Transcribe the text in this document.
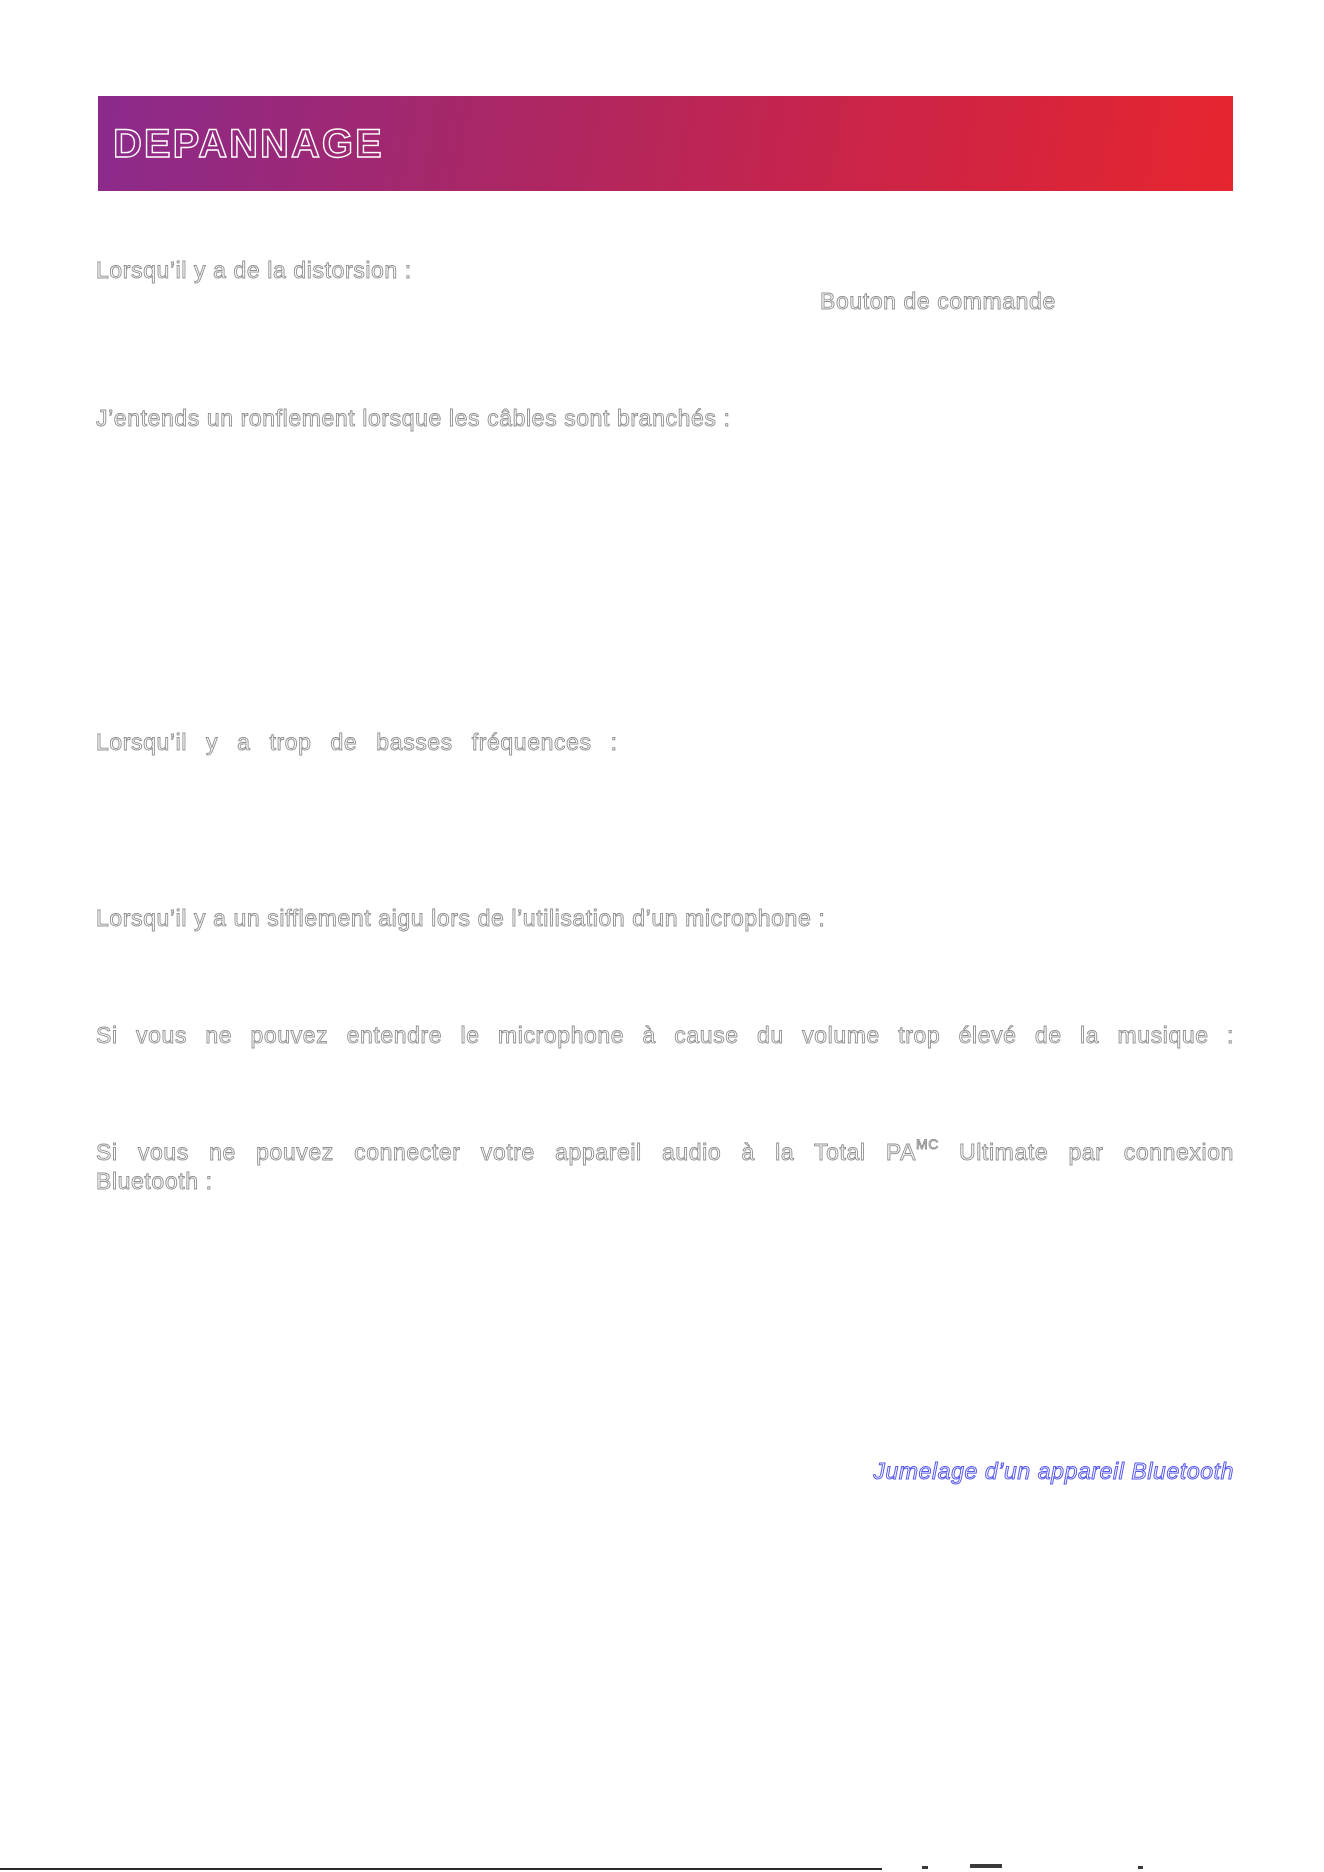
DEPANNAGE
Lorsqu’il y a de la distorsion :
Bouton de commande
J’entends un ronflement lorsque les câbles sont branchés :
Lorsqu’il y a trop de basses fréquences :
Lorsqu’il y a un sifflement aigu lors de l’utilisation d’un microphone :
Si vous ne pouvez entendre le microphone à cause du volume trop élevé de la musique :
Si vous ne pouvez connecter votre appareil audio à la Total $PA^{MC}$ Ultimate par connexion
Bluetooth :
Jumelage d’un appareil Bluetooth
